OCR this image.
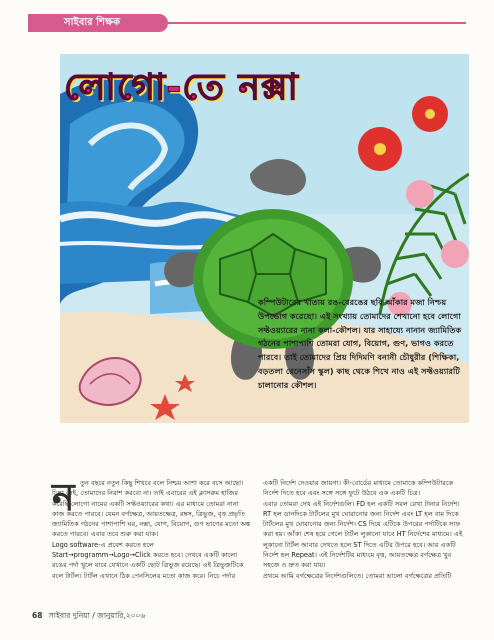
সাইবার শিক্ষক
লোগো-তে নক্সা

কম্পিউটারের খাতায় রঙ-বেরঙের ছবি আঁকার মজা নিশ্চয় উপভোগ করেছো। এই সংখ্যায় তোমাদের শেখানো হবে লোগো সফ্টওয়্যারের নানা কলা-কৌশল। যার সাহায্যে নানান জ্যামিতিক গঠনের পাশাপাশি তোমরা যোগ, বিয়োগ, গুণ, ভাগও করতে পারবে। তাই তোমাদের প্রিয় দিদিমণি বনানী চৌধুরীর (শিক্ষিকা, বড়তলা রেনেসাঁস স্কুল) কাছ থেকে শিখে নাও এই সফ্টওয়্যারটি চালানোর কৌশল।

ন তুন বছরে নতুন কিছু শিখবে বলে নিশ্চয় আশা করে বসে আছো। চিন্তা নেই, তোমাদের নিরাশ করবো না। তাই এবারের এই ক্লাসরুম হাজির করেছি লোগো নামের একটি সফ্টওয়্যারের কথা। এর মাধ্যমে তোমরা নানা কাজ করতে পারবে। যেমন বর্গক্ষেত্র, আয়তক্ষেত্র, রম্বস, ত্রিভুজ, বৃত্ত প্রভৃতি জ্যামিতিক গঠনের পাশাপাশি ঘর, নক্সা, যোগ, বিয়োগ, গুণ ভাগের মতো অঙ্ক করতে পারবে। এবার তবে শুরু করা যাক।

Logo software-এ প্রবেশ করতে হলে

Start→programm→Logo→Click করতে হবে। দেখবে একটি কালো রঙের পর্দা খুলে যাবে যেখানে একটি ছোট ত্রিভুজ রয়েছে। এই ত্রিভুজটিকে বলে টার্টল। টার্টল এখানে ঠিক পেনসিলের মতো কাজ করে। নিচে পর্দার

একটি নির্দেশ দেওয়ার জায়গা। কী-বোর্ডের মাধ্যমে তোমাকে কম্পিউটারকে নির্দেশ দিতে হবে এবং সঙ্গে সঙ্গে ফুটে উঠবে এক একটি চিত্র।

এবার তোমরা দেখ এই নির্দেশগুলি। FD হল একটি সরল রেখা টানার নির্দেশ। RT হল ডানদিকে টার্টলের মুখ ঘোরানোর জন্য নির্দেশ এবং LT হল বাম দিকে টার্টলের মুখ ঘোরানোর জন্য নির্দেশ। CS দিয়ে এটিকে উপরের পর্দাটিকে সাফ করা হয়। আঁকা শেষ হয়ে গেলে টার্টল লুকানো যাবে HT নির্দেশের মাধ্যমে। এই লুকানো টার্টল আবার দেখতে হলে ST দিতে এটির উপরে হবে। আর একটি নির্দেশ হল Repeat। এই নির্দেশটির মাধ্যমে বৃত্ত, আয়তক্ষেত্র বর্গক্ষেত্র খুব সহজে ও দ্রুত করা যায়।

প্রথমে আমি বর্গক্ষেত্রের নির্দেশগুলিতে। তোমরা ভালো বর্গক্ষেত্রের প্রতিটি

68 সাইবার দুনিয়া / জানুয়ারি,২০০৬
